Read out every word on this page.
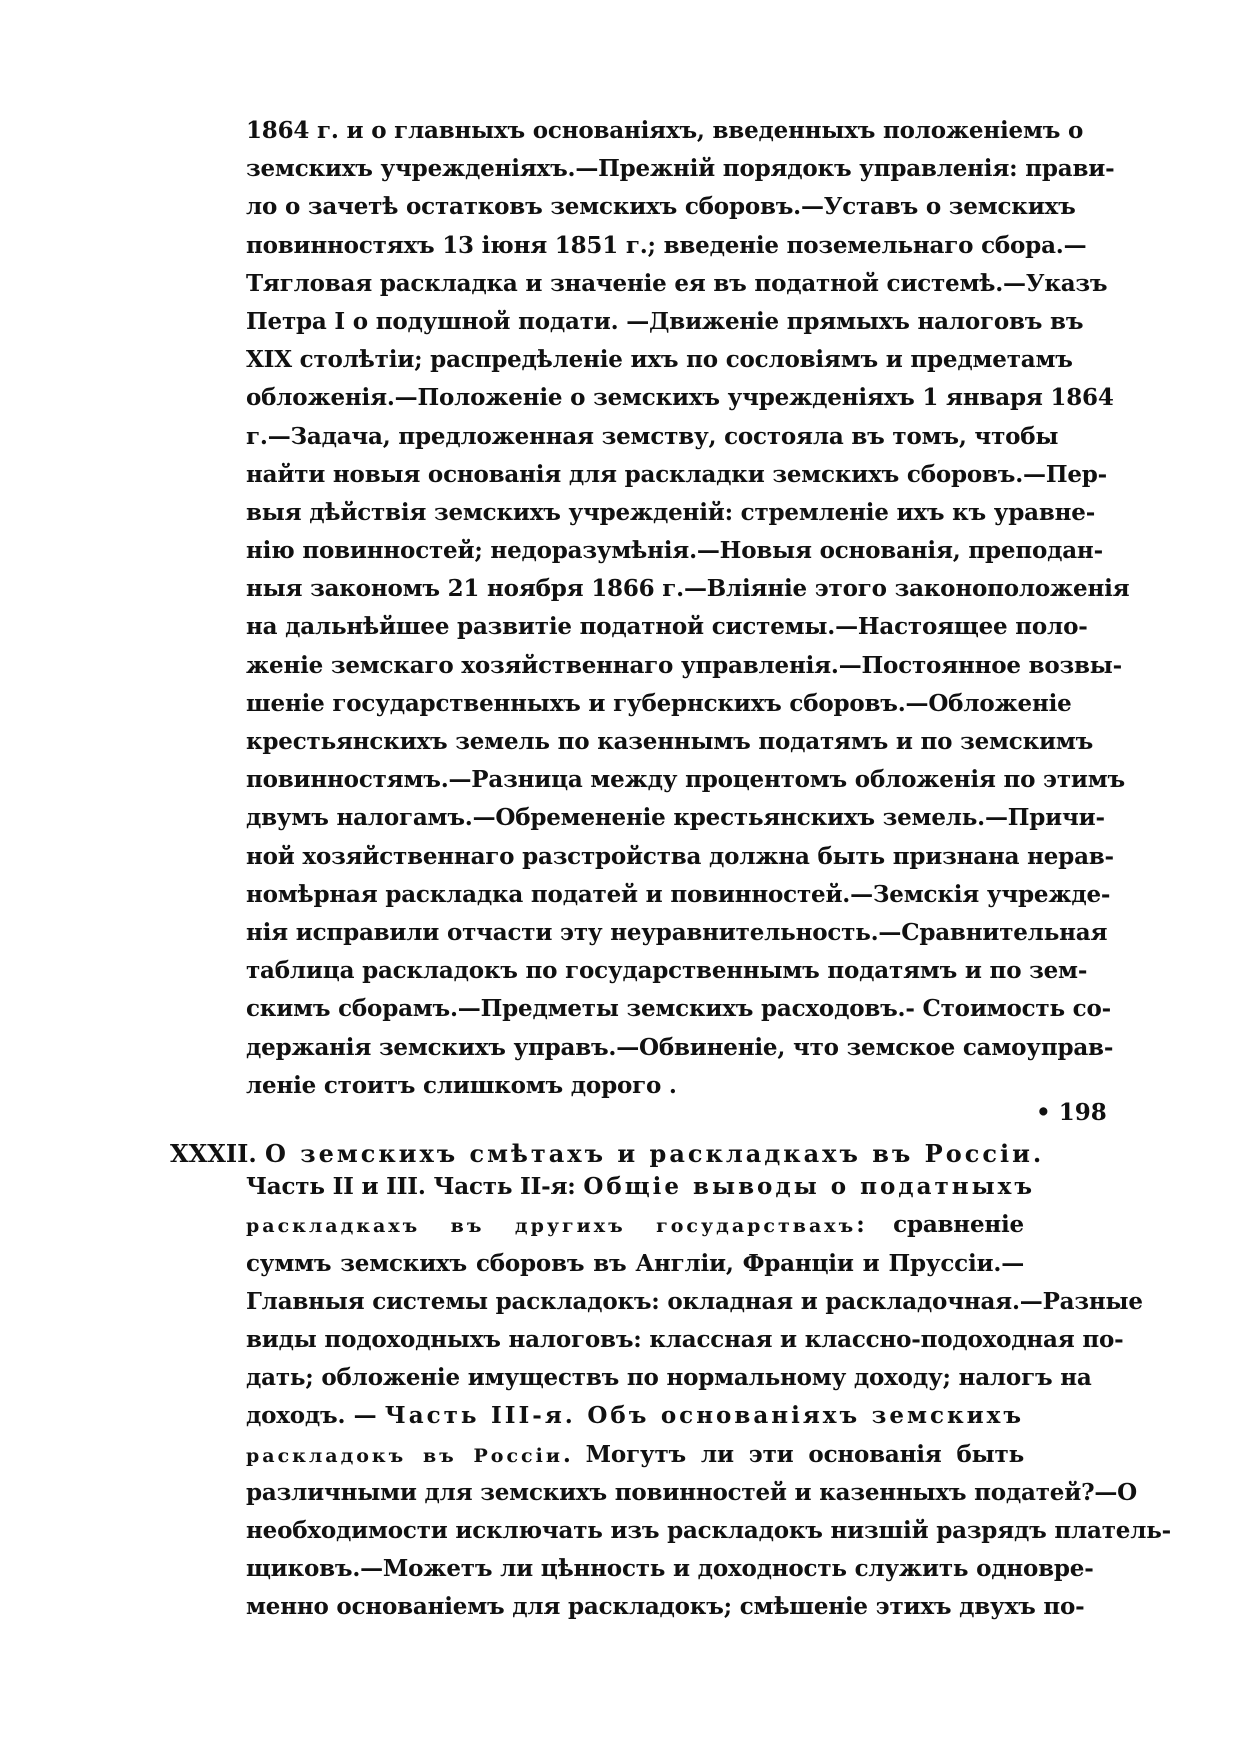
1864 г. и о главныхъ основаніяхъ, введенныхъ положеніемъ о
земскихъ учрежденіяхъ.—Прежній порядокъ управленія: прави-
ло о зачетѣ остатковъ земскихъ сборовъ.—Уставъ о земскихъ
повинностяхъ 13 іюня 1851 г.; введеніе поземельнаго сбора.—
Тягловая раскладка и значеніе ея въ податной системѣ.—Указъ
Петра I о подушной подати. —Движеніе прямыхъ налоговъ въ
XIX столѣтіи; распредѣленіе ихъ по сословіямъ и предметамъ
обложенія.—Положеніе о земскихъ учрежденіяхъ 1 января 1864
г.—Задача, предложенная земству, состояла въ томъ, чтобы
найти новыя основанія для раскладки земскихъ сборовъ.—Пер-
выя дѣйствія земскихъ учрежденій: стремленіе ихъ къ уравне-
нію повинностей; недоразумѣнія.—Новыя основанія, преподан-
ныя закономъ 21 ноября 1866 г.—Вліяніе этого законоположенія
на дальнѣйшее развитіе податной системы.—Настоящее поло-
женіе земскаго хозяйственнаго управленія.—Постоянное возвы-
шеніе государственныхъ и губернскихъ сборовъ.—Обложеніе
крестьянскихъ земель по казеннымъ податямъ и по земскимъ
повинностямъ.—Разница между процентомъ обложенія по этимъ
двумъ налогамъ.—Обремененіе крестьянскихъ земель.—Причи-
ной хозяйственнаго разстройства должна быть признана нерав-
номѣрная раскладка податей и повинностей.—Земскія учрежде-
нія исправили отчасти эту неуравнительность.—Сравнительная
таблица раскладокъ по государственнымъ податямъ и по зем-
скимъ сборамъ.—Предметы земскихъ расходовъ.- Стоимость со-
держанія земскихъ управъ.—Обвиненіе, что земское самоуправ-
леніе стоитъ слишкомъ дорого .
• 198
XXXII. О земскихъ смѣтахъ и раскладкахъ въ Россіи.
Часть II и III. Часть II-я: Общіе выводы о податныхъ
раскладкахъ въ другихъ государствахъ: сравненіе
суммъ земскихъ сборовъ въ Англіи, Франціи и Пруссіи.—
Главныя системы раскладокъ: окладная и раскладочная.—Разные
виды подоходныхъ налоговъ: классная и классно-подоходная по-
дать; обложеніе имуществъ по нормальному доходу; налогъ на
доходъ. — Часть III-я. Объ основаніяхъ земскихъ
раскладокъ въ Россіи. Могутъ ли эти основанія быть
различными для земскихъ повинностей и казенныхъ податей?—О
необходимости исключать изъ раскладокъ низшій разрядъ платель-
щиковъ.—Можетъ ли цѣнность и доходность служить одновре-
менно основаніемъ для раскладокъ; смѣшеніе этихъ двухъ по-
